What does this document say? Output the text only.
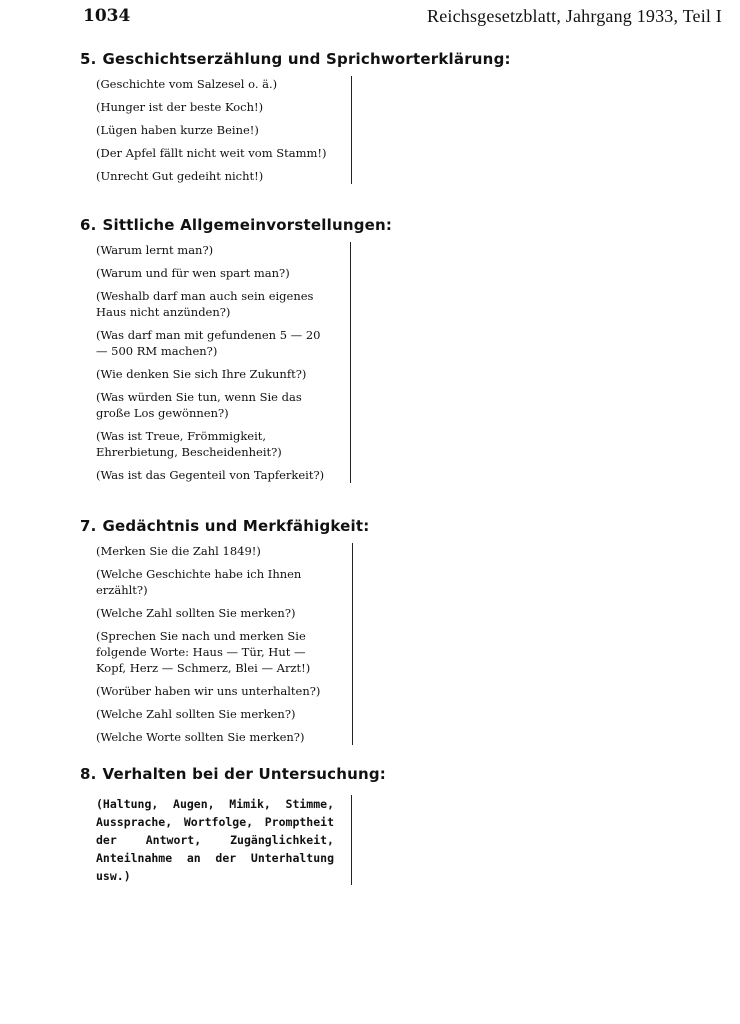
1034	Reichsgesetzblatt, Jahrgang 1933, Teil I
5. Geschichtserzählung und Sprichworterklärung:
(Geschichte vom Salzesel o. ä.)
(Hunger ist der beste Koch!)
(Lügen haben kurze Beine!)
(Der Apfel fällt nicht weit vom Stamm!)
(Unrecht Gut gedeiht nicht!)
6. Sittliche Allgemeinvorstellungen:
(Warum lernt man?)
(Warum und für wen spart man?)
(Weshalb darf man auch sein eigenes Haus nicht anzünden?)
(Was darf man mit gefundenen 5 — 20 — 500 RM machen?)
(Wie denken Sie sich Ihre Zukunft?)
(Was würden Sie tun, wenn Sie das große Los gewönnen?)
(Was ist Treue, Frömmigkeit, Ehrerbietung, Bescheidenheit?)
(Was ist das Gegenteil von Tapferkeit?)
7. Gedächtnis und Merkfähigkeit:
(Merken Sie die Zahl 1849!)
(Welche Geschichte habe ich Ihnen erzählt?)
(Welche Zahl sollten Sie merken?)
(Sprechen Sie nach und merken Sie folgende Worte: Haus — Tür, Hut — Kopf, Herz — Schmerz, Blei — Arzt!)
(Worüber haben wir uns unterhalten?)
(Welche Zahl sollten Sie merken?)
(Welche Worte sollten Sie merken?)
8. Verhalten bei der Untersuchung:
(Haltung, Augen, Mimik, Stimme, Aussprache, Wortfolge, Promptheit der Antwort, Zugänglichkeit, Anteilnahme an der Unterhaltung usw.)
